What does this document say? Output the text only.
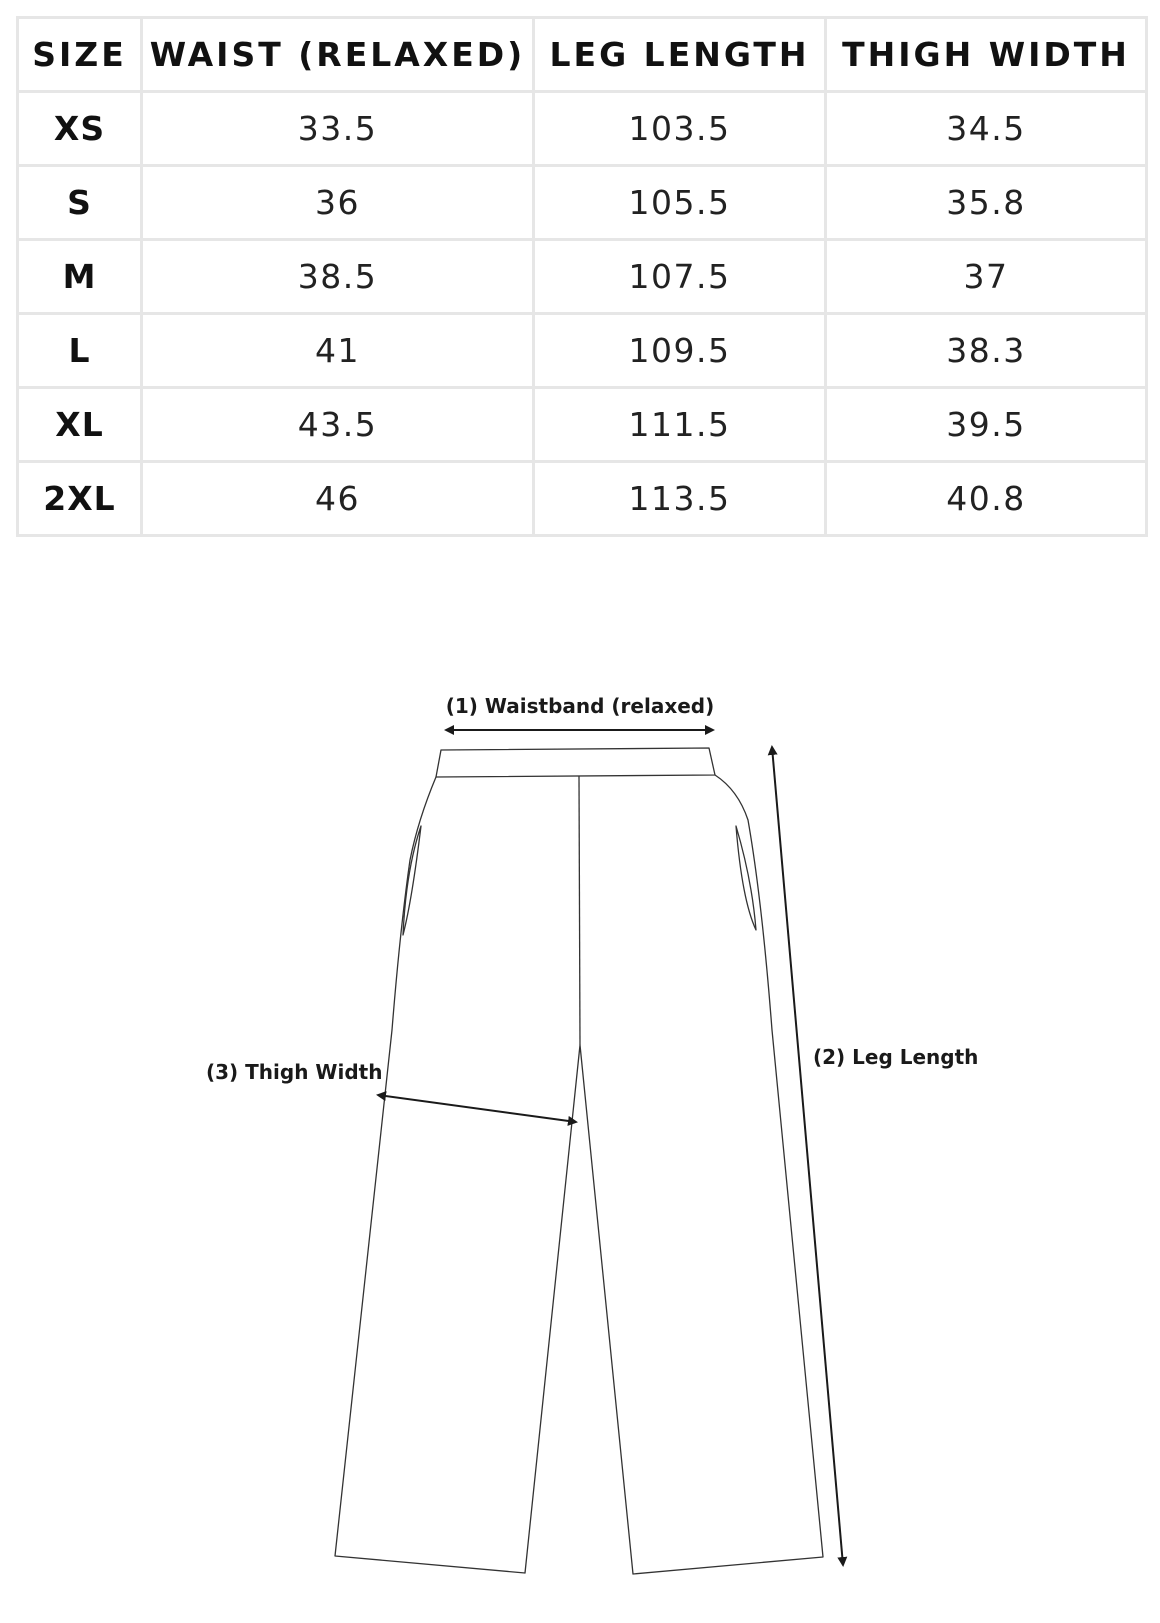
SIZE	WAIST (RELAXED)	LEG LENGTH	THIGH WIDTH
XS	33.5	103.5	34.5
S	36	105.5	35.8
M	38.5	107.5	37
L	41	109.5	38.3
XL	43.5	111.5	39.5
2XL	46	113.5	40.8
(1) Waistband (relaxed)
(2) Leg Length
(3) Thigh Width
